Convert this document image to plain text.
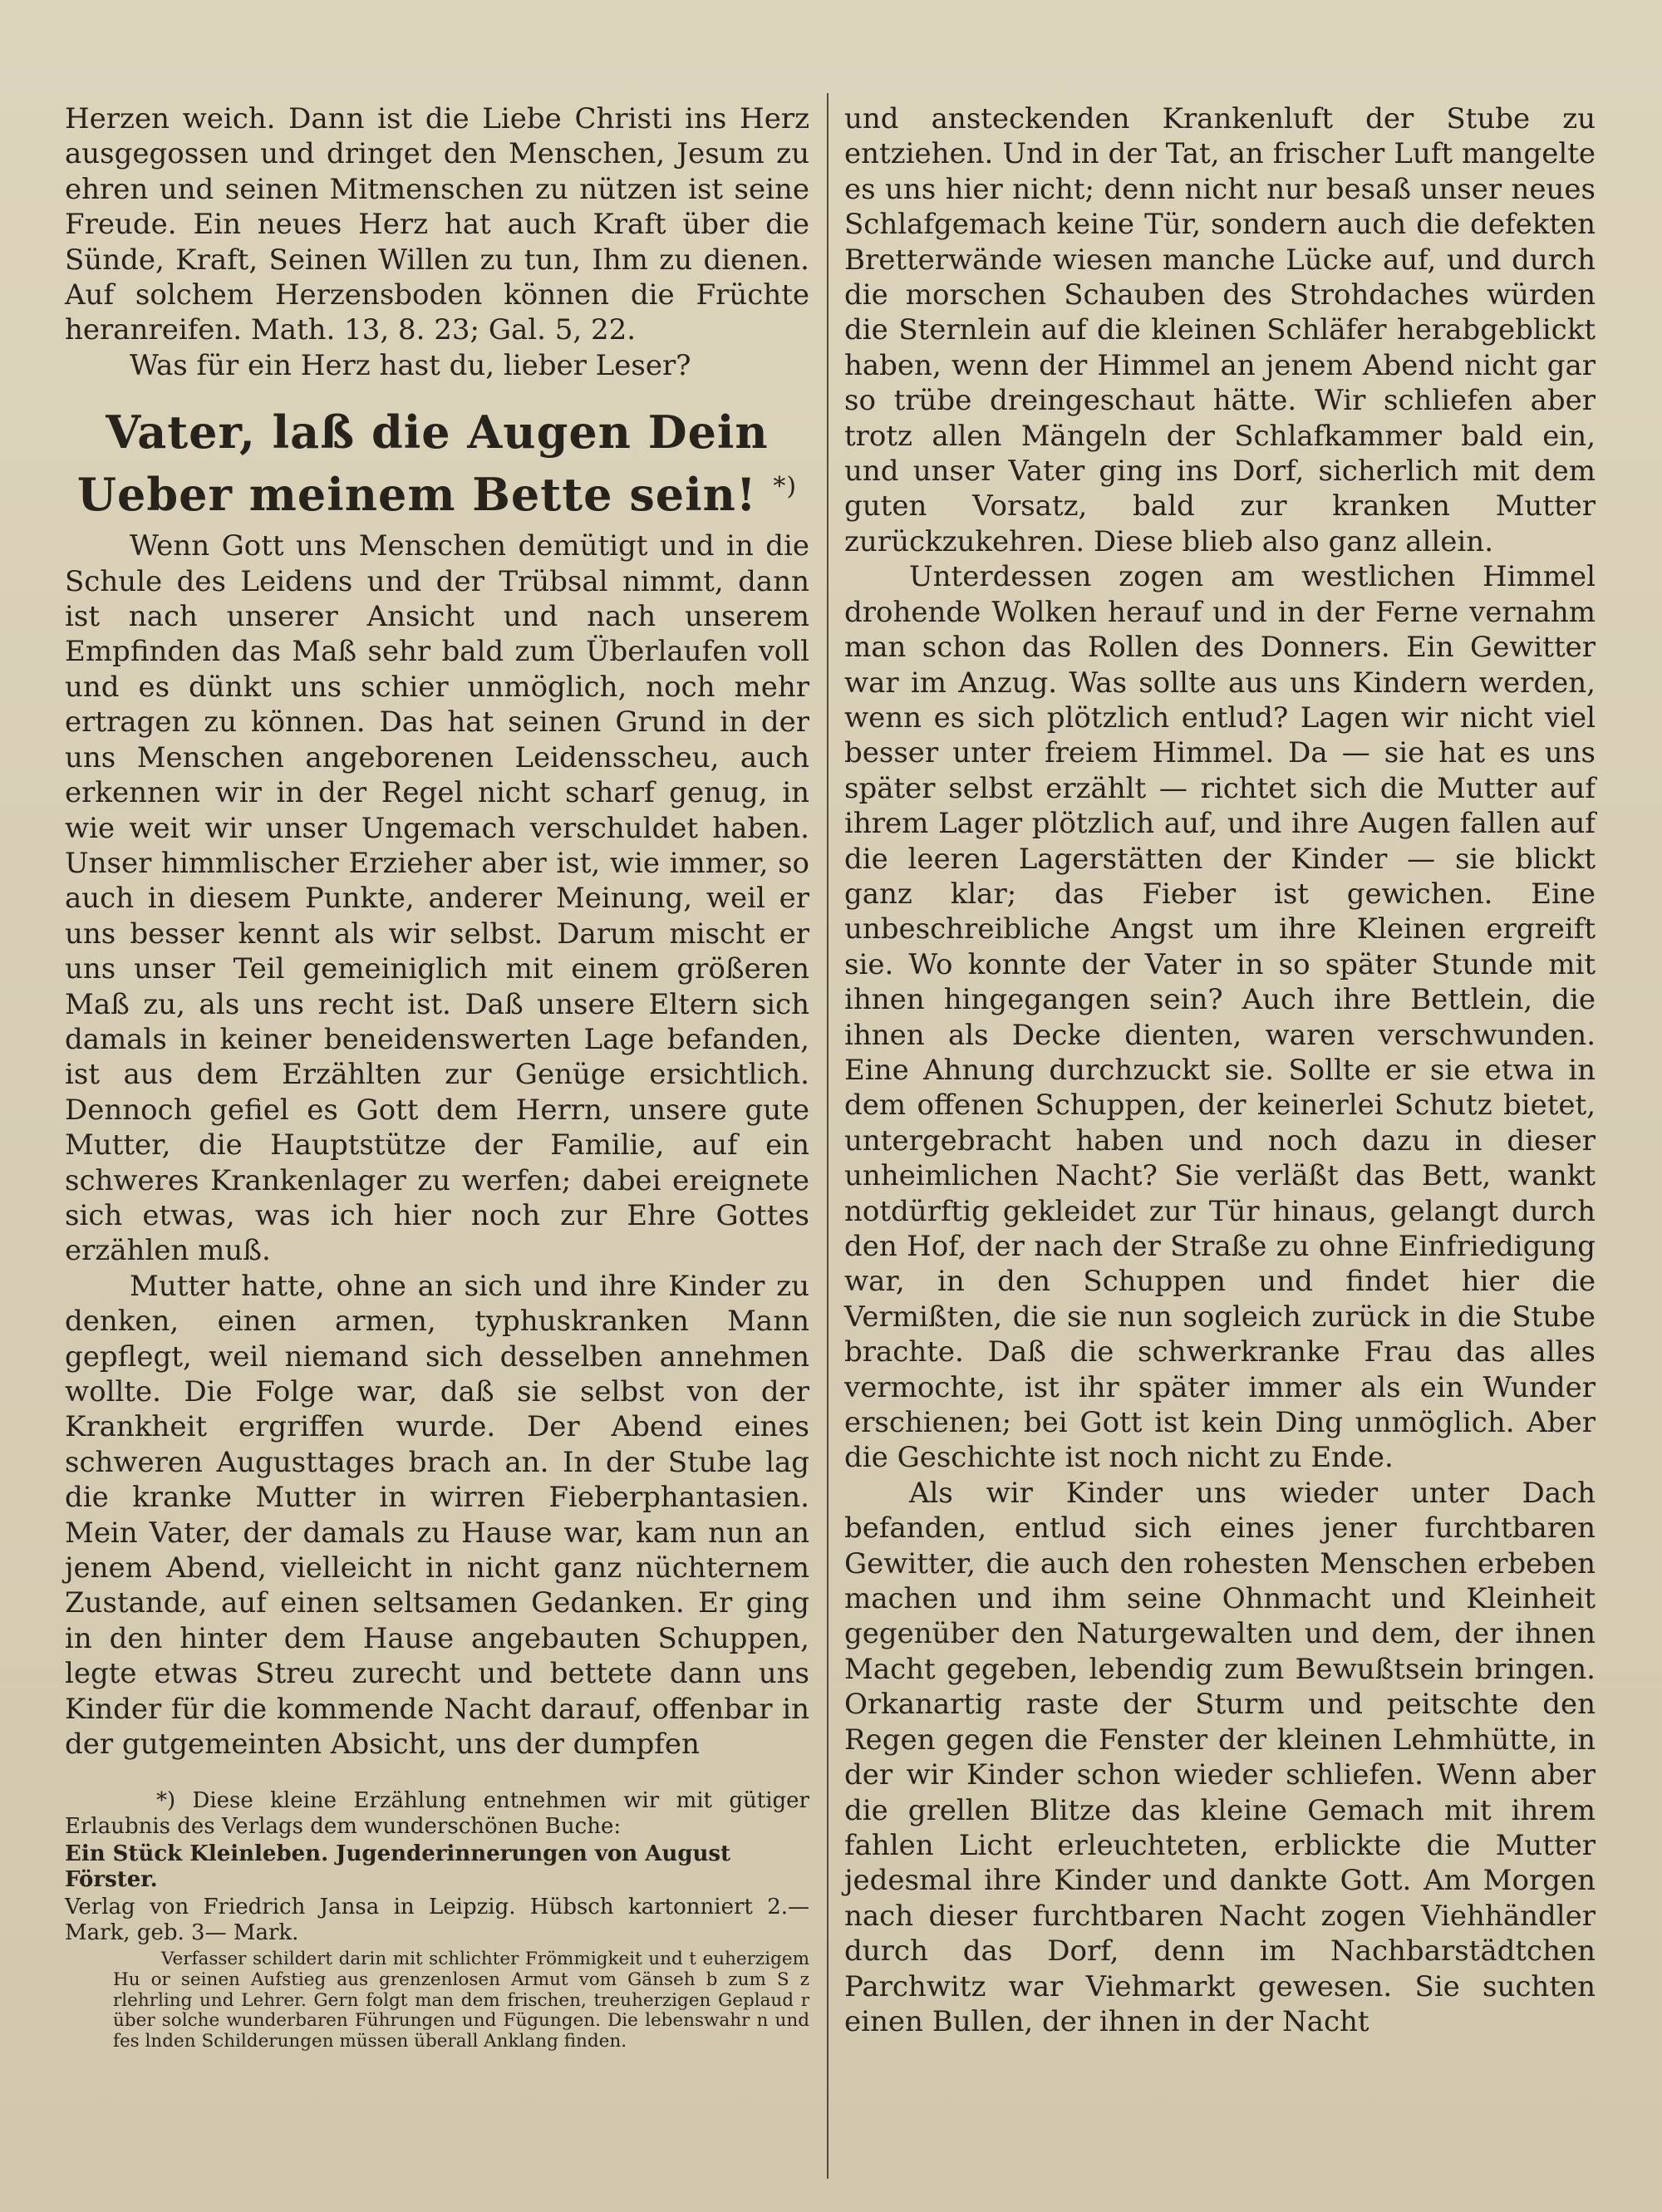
Herzen weich. Dann ist die Liebe Christi ins Herz ausgegossen und dringet den Menschen, Jesum zu ehren und seinen Mitmenschen zu nützen ist seine Freude. Ein neues Herz hat auch Kraft über die Sünde, Kraft, Seinen Willen zu tun, Ihm zu dienen. Auf solchem Herzensboden können die Früchte heranreifen. Math. 13, 8. 23; Gal. 5, 22.

Was für ein Herz hast du, lieber Leser?

Vater, laß die Augen Dein
Ueber meinem Bette sein! *)

Wenn Gott uns Menschen demütigt und in die Schule des Leidens und der Trübsal nimmt, dann ist nach unserer Ansicht und nach unserem Empfinden das Maß sehr bald zum Überlaufen voll und es dünkt uns schier unmöglich, noch mehr ertragen zu können. Das hat seinen Grund in der uns Menschen angeborenen Leidensscheu, auch erkennen wir in der Regel nicht scharf genug, in wie weit wir unser Ungemach verschuldet haben. Unser himmlischer Erzieher aber ist, wie immer, so auch in diesem Punkte, anderer Meinung, weil er uns besser kennt als wir selbst. Darum mischt er uns unser Teil gemeiniglich mit einem größeren Maß zu, als uns recht ist. Daß unsere Eltern sich damals in keiner beneidenswerten Lage befanden, ist aus dem Erzählten zur Genüge ersichtlich. Dennoch gefiel es Gott dem Herrn, unsere gute Mutter, die Hauptstütze der Familie, auf ein schweres Krankenlager zu werfen; dabei ereignete sich etwas, was ich hier noch zur Ehre Gottes erzählen muß.

Mutter hatte, ohne an sich und ihre Kinder zu denken, einen armen, typhuskranken Mann gepflegt, weil niemand sich desselben annehmen wollte. Die Folge war, daß sie selbst von der Krankheit ergriffen wurde. Der Abend eines schweren Augusttages brach an. In der Stube lag die kranke Mutter in wirren Fieberphantasien. Mein Vater, der damals zu Hause war, kam nun an jenem Abend, vielleicht in nicht ganz nüchternem Zustande, auf einen seltsamen Gedanken. Er ging in den hinter dem Hause angebauten Schuppen, legte etwas Streu zurecht und bettete dann uns Kinder für die kommende Nacht darauf, offenbar in der gutgemeinten Absicht, uns der dumpfen

*) Diese kleine Erzählung entnehmen wir mit gütiger Erlaubnis des Verlags dem wunderschönen Buche:

Ein Stück Kleinleben. Jugenderinnerungen von August Förster.

Verlag von Friedrich Jansa in Leipzig. Hübsch kartonniert 2.— Mark, geb. 3— Mark.

Verfasser schildert darin mit schlichter Frömmigkeit und t euherzigem Hu or seinen Aufstieg aus grenzenlosen Armut vom Gänseh b zum S z rlehrling und Lehrer. Gern folgt man dem frischen, treuherzigen Geplaud r über solche wunderbaren Führungen und Fügungen. Die lebenswahr n und fes lnden Schilderungen müssen überall Anklang finden.

und ansteckenden Krankenluft der Stube zu entziehen. Und in der Tat, an frischer Luft mangelte es uns hier nicht; denn nicht nur besaß unser neues Schlafgemach keine Tür, sondern auch die defekten Bretterwände wiesen manche Lücke auf, und durch die morschen Schauben des Strohdaches würden die Sternlein auf die kleinen Schläfer herabgeblickt haben, wenn der Himmel an jenem Abend nicht gar so trübe dreingeschaut hätte. Wir schliefen aber trotz allen Mängeln der Schlafkammer bald ein, und unser Vater ging ins Dorf, sicherlich mit dem guten Vorsatz, bald zur kranken Mutter zurückzukehren. Diese blieb also ganz allein.

Unterdessen zogen am westlichen Himmel drohende Wolken herauf und in der Ferne vernahm man schon das Rollen des Donners. Ein Gewitter war im Anzug. Was sollte aus uns Kindern werden, wenn es sich plötzlich entlud? Lagen wir nicht viel besser unter freiem Himmel. Da — sie hat es uns später selbst erzählt — richtet sich die Mutter auf ihrem Lager plötzlich auf, und ihre Augen fallen auf die leeren Lagerstätten der Kinder — sie blickt ganz klar; das Fieber ist gewichen. Eine unbeschreibliche Angst um ihre Kleinen ergreift sie. Wo konnte der Vater in so später Stunde mit ihnen hingegangen sein? Auch ihre Bettlein, die ihnen als Decke dienten, waren verschwunden. Eine Ahnung durchzuckt sie. Sollte er sie etwa in dem offenen Schuppen, der keinerlei Schutz bietet, untergebracht haben und noch dazu in dieser unheimlichen Nacht? Sie verläßt das Bett, wankt notdürftig gekleidet zur Tür hinaus, gelangt durch den Hof, der nach der Straße zu ohne Einfriedigung war, in den Schuppen und findet hier die Vermißten, die sie nun sogleich zurück in die Stube brachte. Daß die schwerkranke Frau das alles vermochte, ist ihr später immer als ein Wunder erschienen; bei Gott ist kein Ding unmöglich. Aber die Geschichte ist noch nicht zu Ende.

Als wir Kinder uns wieder unter Dach befanden, entlud sich eines jener furchtbaren Gewitter, die auch den rohesten Menschen erbeben machen und ihm seine Ohnmacht und Kleinheit gegenüber den Naturgewalten und dem, der ihnen Macht gegeben, lebendig zum Bewußtsein bringen. Orkanartig raste der Sturm und peitschte den Regen gegen die Fenster der kleinen Lehmhütte, in der wir Kinder schon wieder schliefen. Wenn aber die grellen Blitze das kleine Gemach mit ihrem fahlen Licht erleuchteten, erblickte die Mutter jedesmal ihre Kinder und dankte Gott. Am Morgen nach dieser furchtbaren Nacht zogen Viehhändler durch das Dorf, denn im Nachbarstädtchen Parchwitz war Viehmarkt gewesen. Sie suchten einen Bullen, der ihnen in der Nacht
